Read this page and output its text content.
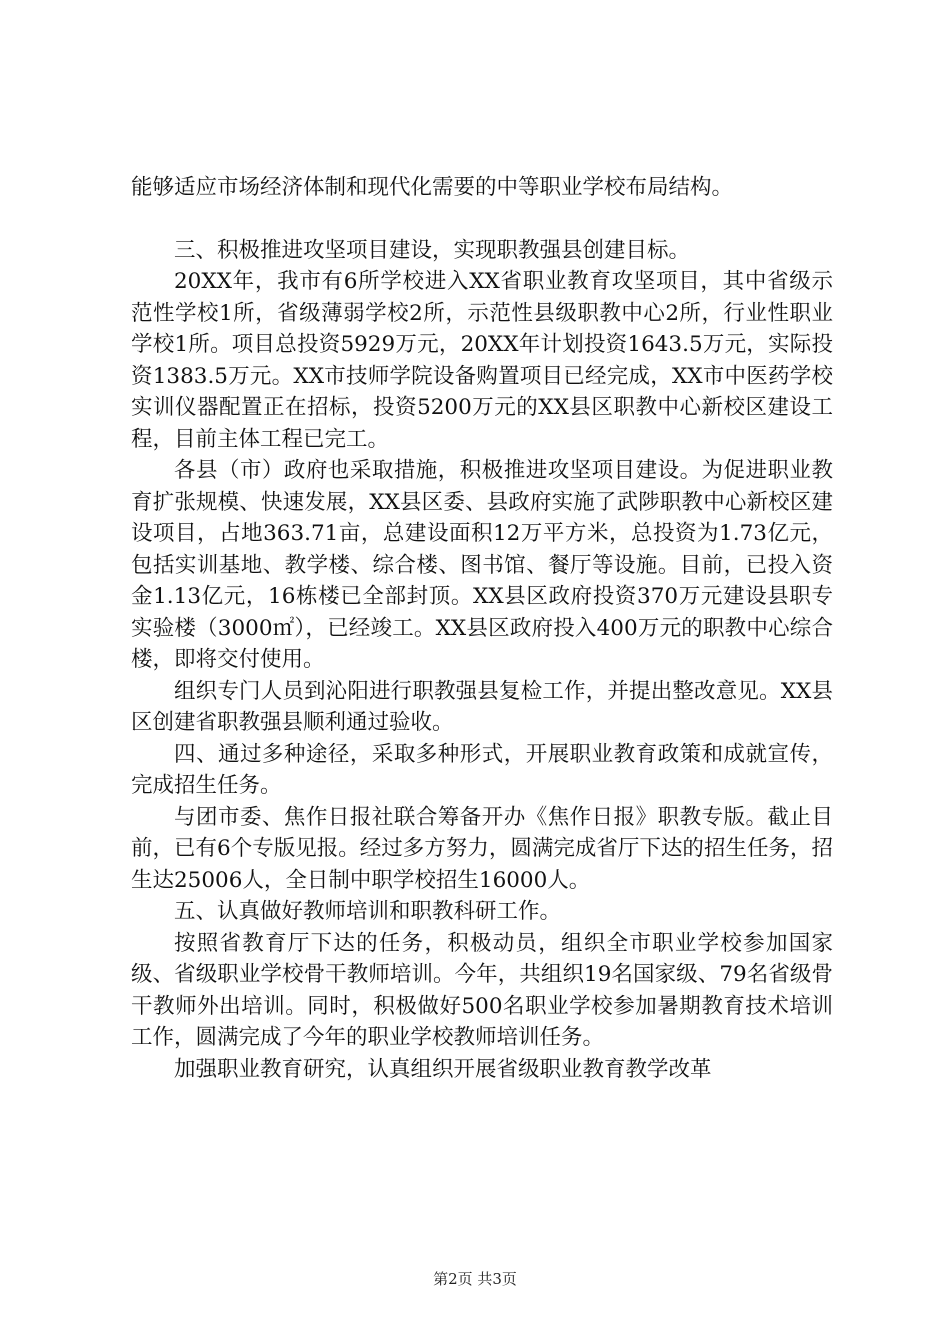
能够适应市场经济体制和现代化需要的中等职业学校布局结构。

三、积极推进攻坚项目建设，实现职教强县创建目标。

20XX年，我市有6所学校进入XX省职业教育攻坚项目，其中省级示范性学校1所，省级薄弱学校2所，示范性县级职教中心2所，行业性职业学校1所。项目总投资5929万元，20XX年计划投资1643.5万元，实际投资1383.5万元。XX市技师学院设备购置项目已经完成，XX市中医药学校实训仪器配置正在招标，投资5200万元的XX县区职教中心新校区建设工程，目前主体工程已完工。

各县（市）政府也采取措施，积极推进攻坚项目建设。为促进职业教育扩张规模、快速发展，XX县区委、县政府实施了武陟职教中心新校区建设项目，占地363.71亩，总建设面积12万平方米，总投资为1.73亿元，包括实训基地、教学楼、综合楼、图书馆、餐厅等设施。目前，已投入资金1.13亿元，16栋楼已全部封顶。XX县区政府投资370万元建设县职专实验楼（3000㎡），已经竣工。XX县区政府投入400万元的职教中心综合楼，即将交付使用。

组织专门人员到沁阳进行职教强县复检工作，并提出整改意见。XX县区创建省职教强县顺利通过验收。

四、通过多种途径，采取多种形式，开展职业教育政策和成就宣传，完成招生任务。

与团市委、焦作日报社联合筹备开办《焦作日报》职教专版。截止目前，已有6个专版见报。经过多方努力，圆满完成省厅下达的招生任务，招生达25006人，全日制中职学校招生16000人。

五、认真做好教师培训和职教科研工作。

按照省教育厅下达的任务，积极动员，组织全市职业学校参加国家级、省级职业学校骨干教师培训。今年，共组织19名国家级、79名省级骨干教师外出培训。同时，积极做好500名职业学校参加暑期教育技术培训工作，圆满完成了今年的职业学校教师培训任务。

加强职业教育研究，认真组织开展省级职业教育教学改革

第2页 共3页
